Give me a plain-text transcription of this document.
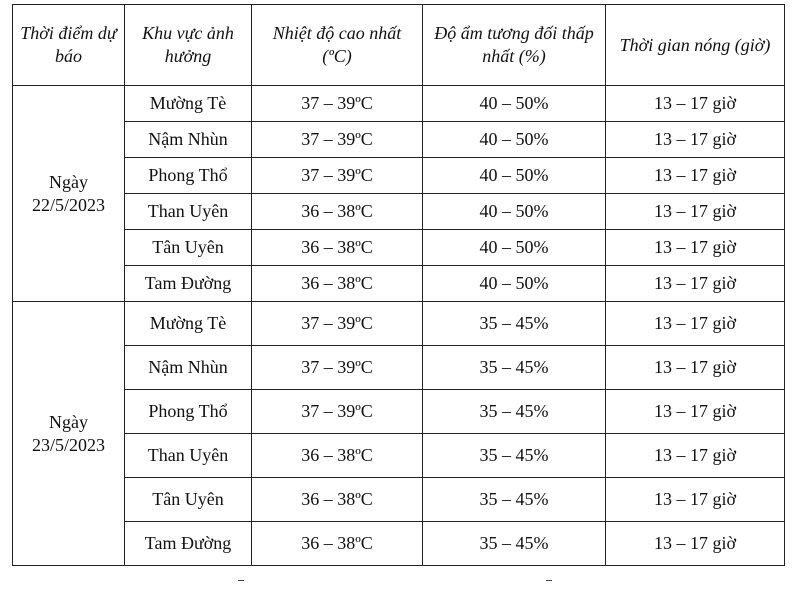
Thời điểm dự báo	Khu vực ảnh hưởng	Nhiệt độ cao nhất (ºC)	Độ ẩm tương đối thấp nhất (%)	Thời gian nóng (giờ)
Ngày
22/5/2023	Mường Tè	37 – 39ºC	40 – 50%	13 – 17 giờ
	Nậm Nhùn	37 – 39ºC	40 – 50%	13 – 17 giờ
	Phong Thổ	37 – 39ºC	40 – 50%	13 – 17 giờ
	Than Uyên	36 – 38ºC	40 – 50%	13 – 17 giờ
	Tân Uyên	36 – 38ºC	40 – 50%	13 – 17 giờ
	Tam Đường	36 – 38ºC	40 – 50%	13 – 17 giờ
Ngày
23/5/2023	Mường Tè	37 – 39ºC	35 – 45%	13 – 17 giờ
	Nậm Nhùn	37 – 39ºC	35 – 45%	13 – 17 giờ
	Phong Thổ	37 – 39ºC	35 – 45%	13 – 17 giờ
	Than Uyên	36 – 38ºC	35 – 45%	13 – 17 giờ
	Tân Uyên	36 – 38ºC	35 – 45%	13 – 17 giờ
	Tam Đường	36 – 38ºC	35 – 45%	13 – 17 giờ
